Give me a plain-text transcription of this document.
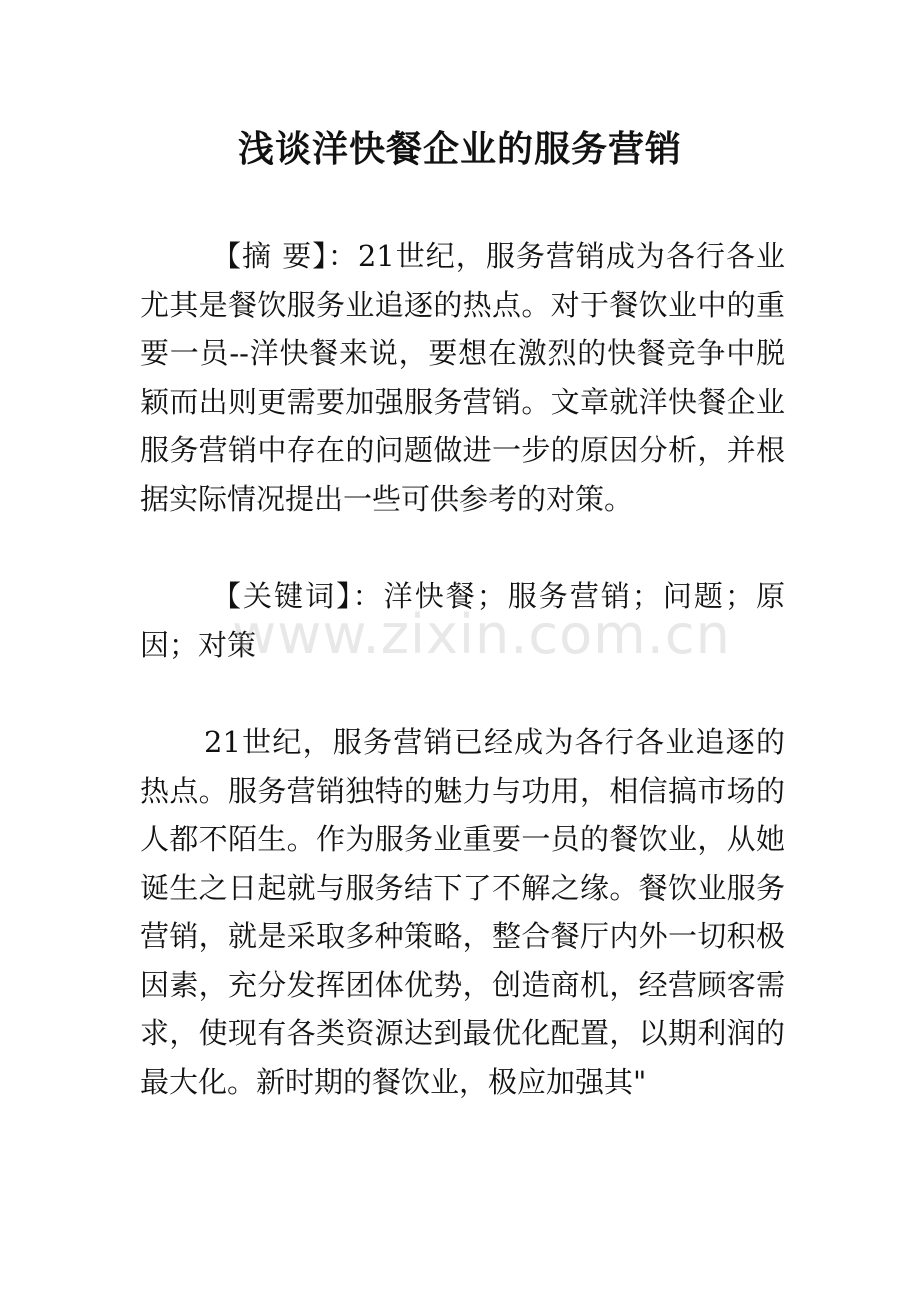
浅谈洋快餐企业的服务营销

【摘 要】：21世纪，服务营销成为各行各业尤其是餐饮服务业追逐的热点。对于餐饮业中的重要一员--洋快餐来说，要想在激烈的快餐竞争中脱颖而出则更需要加强服务营销。文章就洋快餐企业服务营销中存在的问题做进一步的原因分析，并根据实际情况提出一些可供参考的对策。

【关键词】：洋快餐；服务营销；问题；原因；对策

www.zixin.com.cn

21世纪，服务营销已经成为各行各业追逐的热点。服务营销独特的魅力与功用，相信搞市场的人都不陌生。作为服务业重要一员的餐饮业，从她诞生之日起就与服务结下了不解之缘。餐饮业服务营销，就是采取多种策略，整合餐厅内外一切积极因素，充分发挥团体优势，创造商机，经营顾客需求，使现有各类资源达到最优化配置，以期利润的最大化。新时期的餐饮业，极应加强其"
